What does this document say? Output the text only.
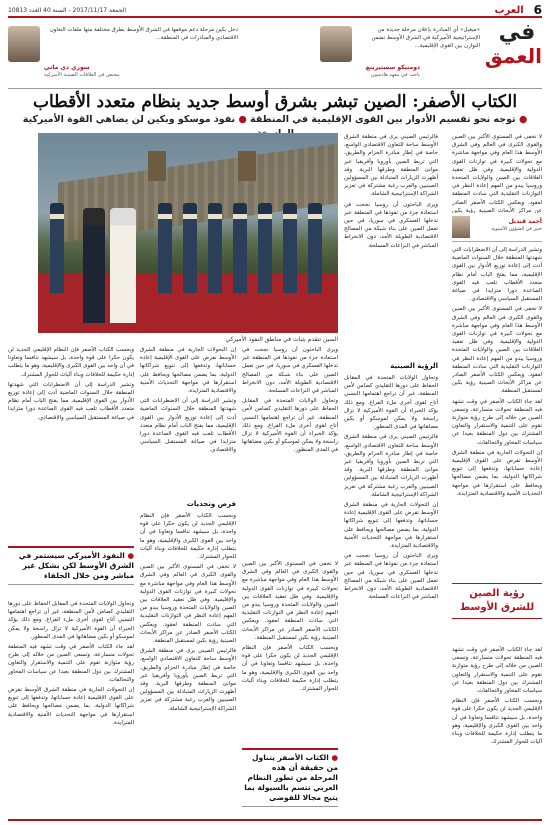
6
العرب
الجمعة 2017/11/17 - السنة 40 العدد 10813
في
العمق
«ميغيل» أي المبادرة بإعلان مرحلة جديدة من الإستراتيجية الأميركية في الشرق الأوسط تضمن التوازن بين القوى الإقليمية...
دومنيكو سستيرينغ
باحث في معهد هادسون
دخل بكين مرحلة دعم موقفها في الشرق الأوسط بطرق مختلفة منها ملفات التعاون الاقتصادي والمبادرات في المنطقة...
سوزي دي ماتي
مختص في العلاقات الصينية الأميركية
الكتاب الأصفر: الصين تبشر بشرق أوسط جديد بنظام متعدد الأقطاب
● توجه نحو تقسيم الأدوار بين القوى الإقليمية في المنطقة ● نفوذ موسكو وبكين لن يضاهي القوة الأميركية
الصين تتقدم بثبات في مناطق النفوذ الأميركي
أحمد قنديل
خبير في الشؤون الآسيوية

لا تخفى في المستوى الأكبر بين الصين والقوى الكبرى في العالم وفي الشرق الأوسط هذا العام وفي مواجهة مباشرة مع تحولات كبيرة في توازنات القوى الدولية والإقليمية. وفي ظل تعقيد العلاقات بين الصين والولايات المتحدة وروسيا يبدو من المهم إعادة النظر في التوازنات التقليدية التي سادت المنطقة لعقود. ويعكس الكتاب الأصفر الصادر عن مراكز الأبحاث الصينية رؤية بكين

وتشير الدراسة إلى أن الاضطرابات التي شهدتها المنطقة خلال السنوات الماضية أدت إلى إعادة توزيع الأدوار بين القوى الإقليمية، مما يفتح الباب أمام نظام متعدد الأقطاب تلعب فيه القوى الصاعدة دورا متزايدا في صياغة المستقبل السياسي والاقتصادي.

لا تخفى في المستوى الأكبر بين الصين والقوى الكبرى في العالم وفي الشرق الأوسط هذا العام وفي مواجهة مباشرة مع تحولات كبيرة في توازنات القوى الدولية والإقليمية. وفي ظل تعقيد العلاقات بين الصين والولايات المتحدة وروسيا يبدو من المهم إعادة النظر في التوازنات التقليدية التي سادت المنطقة لعقود. ويعكس الكتاب الأصفر الصادر عن مراكز الأبحاث الصينية رؤية بكين لمستقبل المنطقة.

لقد جاء الكتاب الأصفر في وقت تشهد فيه المنطقة تحولات متسارعة، وتسعى الصين من خلاله إلى طرح رؤية متوازنة تقوم على التنمية والاستقرار والتعاون المشترك بين دول المنطقة بعيدا عن سياسات المحاور والتحالفات.

إن التحولات الجارية في منطقة الشرق الأوسط تفرض على القوى الإقليمية إعادة حساباتها، وتدفعها إلى تنويع شراكاتها الدولية، بما يضمن مصالحها ويحافظ على استقرارها في مواجهة التحديات الأمنية والاقتصادية المتزايدة.

رؤية الصين
للشرق الأوسط

لقد جاء الكتاب الأصفر في وقت تشهد فيه المنطقة تحولات متسارعة، وتسعى الصين من خلاله إلى طرح رؤية متوازنة تقوم على التنمية والاستقرار والتعاون المشترك بين دول المنطقة بعيدا عن سياسات المحاور والتحالفات.

وبحسب الكتاب الأصفر فإن النظام الإقليمي الجديد لن يكون حكرا على قوة واحدة، بل سيشهد تنافسا وتعاونا في آن واحد بين القوى الكبرى والإقليمية، وهو ما يتطلب إدارة حكيمة للخلافات وبناء آليات للحوار المشترك.

فالرئيس الصيني يرى في منطقة الشرق الأوسط ساحة للتعاون الاقتصادي الواسع، خاصة في إطار مبادرة الحزام والطريق، التي تربط الصين بأوروبا وأفريقيا عبر موانئ المنطقة وطرقها البرية. وقد أظهرت الزيارات المتبادلة بين المسؤولين الصينيين والعرب رغبة مشتركة في تعزيز الشراكة الإستراتيجية الشاملة.

ويرى الباحثون أن روسيا نجحت في استعادة جزء من نفوذها في المنطقة عبر تدخلها العسكري في سوريا، في حين تعمل الصين على بناء شبكة من المصالح الاقتصادية الطويلة الأمد، دون الانخراط المباشر في النزاعات المسلحة.

الرؤية الصينية

وتحاول الولايات المتحدة في المقابل الحفاظ على دورها التقليدي كضامن لأمن المنطقة، غير أن تراجع اهتمامها النسبي أتاح لقوى أخرى ملء الفراغ. ومع ذلك يؤكد الخبراء أن القوة الأميركية لا تزال راسخة ولا يمكن لموسكو أو بكين مضاهاتها في المدى المنظور.

فالرئيس الصيني يرى في منطقة الشرق الأوسط ساحة للتعاون الاقتصادي الواسع، خاصة في إطار مبادرة الحزام والطريق، التي تربط الصين بأوروبا وأفريقيا عبر موانئ المنطقة وطرقها البرية. وقد أظهرت الزيارات المتبادلة بين المسؤولين الصينيين والعرب رغبة مشتركة في تعزيز الشراكة الإستراتيجية الشاملة.

إن التحولات الجارية في منطقة الشرق الأوسط تفرض على القوى الإقليمية إعادة حساباتها، وتدفعها إلى تنويع شراكاتها الدولية، بما يضمن مصالحها ويحافظ على استقرارها في مواجهة التحديات الأمنية والاقتصادية المتزايدة.

ويرى الباحثون أن روسيا نجحت في استعادة جزء من نفوذها في المنطقة عبر تدخلها العسكري في سوريا، في حين تعمل الصين على بناء شبكة من المصالح الاقتصادية الطويلة الأمد، دون الانخراط المباشر في النزاعات المسلحة.

ويرى الباحثون أن روسيا نجحت في استعادة جزء من نفوذها في المنطقة عبر تدخلها العسكري في سوريا، في حين تعمل الصين على بناء شبكة من المصالح الاقتصادية الطويلة الأمد، دون الانخراط المباشر في النزاعات المسلحة.

وتحاول الولايات المتحدة في المقابل الحفاظ على دورها التقليدي كضامن لأمن المنطقة، غير أن تراجع اهتمامها النسبي أتاح لقوى أخرى ملء الفراغ. ومع ذلك يؤكد الخبراء أن القوة الأميركية لا تزال راسخة ولا يمكن لموسكو أو بكين مضاهاتها في المدى المنظور.

إن التحولات الجارية في منطقة الشرق الأوسط تفرض على القوى الإقليمية إعادة حساباتها، وتدفعها إلى تنويع شراكاتها الدولية، بما يضمن مصالحها ويحافظ على استقرارها في مواجهة التحديات الأمنية والاقتصادية المتزايدة.

وتشير الدراسة إلى أن الاضطرابات التي شهدتها المنطقة خلال السنوات الماضية أدت إلى إعادة توزيع الأدوار بين القوى الإقليمية، مما يفتح الباب أمام نظام متعدد الأقطاب تلعب فيه القوى الصاعدة دورا متزايدا في صياغة المستقبل السياسي والاقتصادي.

فرص وتحديات

وبحسب الكتاب الأصفر فإن النظام الإقليمي الجديد لن يكون حكرا على قوة واحدة، بل سيشهد تنافسا وتعاونا في آن واحد بين القوى الكبرى والإقليمية، وهو ما يتطلب إدارة حكيمة للخلافات وبناء آليات للحوار المشترك.

لا تخفى في المستوى الأكبر بين الصين والقوى الكبرى في العالم وفي الشرق الأوسط هذا العام وفي مواجهة مباشرة مع تحولات كبيرة في توازنات القوى الدولية والإقليمية. وفي ظل تعقيد العلاقات بين الصين والولايات المتحدة وروسيا يبدو من المهم إعادة النظر في التوازنات التقليدية التي سادت المنطقة لعقود. ويعكس الكتاب الأصفر الصادر عن مراكز الأبحاث الصينية رؤية بكين لمستقبل المنطقة.

فالرئيس الصيني يرى في منطقة الشرق الأوسط ساحة للتعاون الاقتصادي الواسع، خاصة في إطار مبادرة الحزام والطريق، التي تربط الصين بأوروبا وأفريقيا عبر موانئ المنطقة وطرقها البرية. وقد أظهرت الزيارات المتبادلة بين المسؤولين الصينيين والعرب رغبة مشتركة في تعزيز الشراكة الإستراتيجية الشاملة.

وبحسب الكتاب الأصفر فإن النظام الإقليمي الجديد لن يكون حكرا على قوة واحدة، بل سيشهد تنافسا وتعاونا في آن واحد بين القوى الكبرى والإقليمية، وهو ما يتطلب إدارة حكيمة للخلافات وبناء آليات للحوار المشترك.

وتشير الدراسة إلى أن الاضطرابات التي شهدتها المنطقة خلال السنوات الماضية أدت إلى إعادة توزيع الأدوار بين القوى الإقليمية، مما يفتح الباب أمام نظام متعدد الأقطاب تلعب فيه القوى الصاعدة دورا متزايدا في صياغة المستقبل السياسي والاقتصادي.

● النفوذ الأميركي سيستمر في الشرق الأوسط لكن بشكل غير مباشر ومن خلال الحلفاء

وتحاول الولايات المتحدة في المقابل الحفاظ على دورها التقليدي كضامن لأمن المنطقة، غير أن تراجع اهتمامها النسبي أتاح لقوى أخرى ملء الفراغ. ومع ذلك يؤكد الخبراء أن القوة الأميركية لا تزال راسخة ولا يمكن لموسكو أو بكين مضاهاتها في المدى المنظور.

لقد جاء الكتاب الأصفر في وقت تشهد فيه المنطقة تحولات متسارعة، وتسعى الصين من خلاله إلى طرح رؤية متوازنة تقوم على التنمية والاستقرار والتعاون المشترك بين دول المنطقة بعيدا عن سياسات المحاور والتحالفات.

إن التحولات الجارية في منطقة الشرق الأوسط تفرض على القوى الإقليمية إعادة حساباتها، وتدفعها إلى تنويع شراكاتها الدولية، بما يضمن مصالحها ويحافظ على استقرارها في مواجهة التحديات الأمنية والاقتصادية المتزايدة.

● الكتاب الأصفر يتناول من حقيقة أن هذه المرحلة من تطور النظام العربي تتسم بالسيولة بما يتيح مجالا للفوضى

لا تخفى في المستوى الأكبر بين الصين والقوى الكبرى في العالم وفي الشرق الأوسط هذا العام وفي مواجهة مباشرة مع تحولات كبيرة في توازنات القوى الدولية والإقليمية. وفي ظل تعقيد العلاقات بين الصين والولايات المتحدة وروسيا يبدو من المهم إعادة النظر في التوازنات التقليدية التي سادت المنطقة لعقود. ويعكس الكتاب الأصفر الصادر عن مراكز الأبحاث الصينية رؤية بكين لمستقبل المنطقة.

وبحسب الكتاب الأصفر فإن النظام الإقليمي الجديد لن يكون حكرا على قوة واحدة، بل سيشهد تنافسا وتعاونا في آن واحد بين القوى الكبرى والإقليمية، وهو ما يتطلب إدارة حكيمة للخلافات وبناء آليات للحوار المشترك.
